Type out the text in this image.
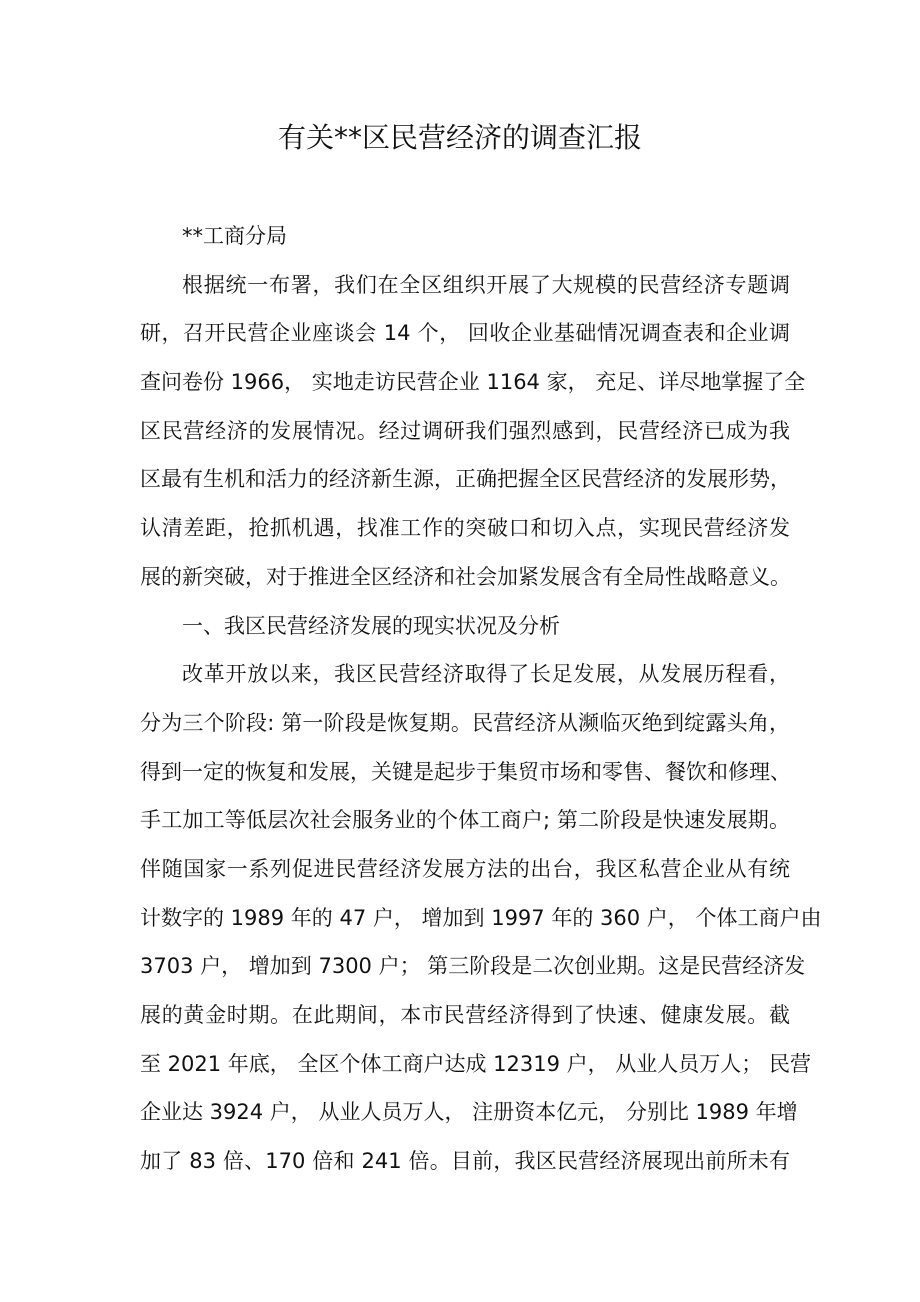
有关**区民营经济的调查汇报
**工商分局
根据统一布署，我们在全区组织开展了大规模的民营经济专题调
研，召开民营企业座谈会 14 个， 回收企业基础情况调查表和企业调
查问卷份 1966， 实地走访民营企业 1164 家， 充足、详尽地掌握了全
区民营经济的发展情况。经过调研我们强烈感到，民营经济已成为我
区最有生机和活力的经济新生源，正确把握全区民营经济的发展形势，
认清差距，抢抓机遇，找准工作的突破口和切入点，实现民营经济发
展的新突破，对于推进全区经济和社会加紧发展含有全局性战略意义。
一、我区民营经济发展的现实状况及分析
改革开放以来，我区民营经济取得了长足发展，从发展历程看，
分为三个阶段: 第一阶段是恢复期。民营经济从濒临灭绝到绽露头角，
得到一定的恢复和发展，关键是起步于集贸市场和零售、餐饮和修理、
手工加工等低层次社会服务业的个体工商户; 第二阶段是快速发展期。
伴随国家一系列促进民营经济发展方法的出台，我区私营企业从有统
计数字的 1989 年的 47 户， 增加到 1997 年的 360 户， 个体工商户由
3703 户， 增加到 7300 户； 第三阶段是二次创业期。这是民营经济发
展的黄金时期。在此期间，本市民营经济得到了快速、健康发展。截
至 2021 年底， 全区个体工商户达成 12319 户， 从业人员万人； 民营
企业达 3924 户， 从业人员万人， 注册资本亿元， 分别比 1989 年增
加了 83 倍、170 倍和 241 倍。目前，我区民营经济展现出前所未有
